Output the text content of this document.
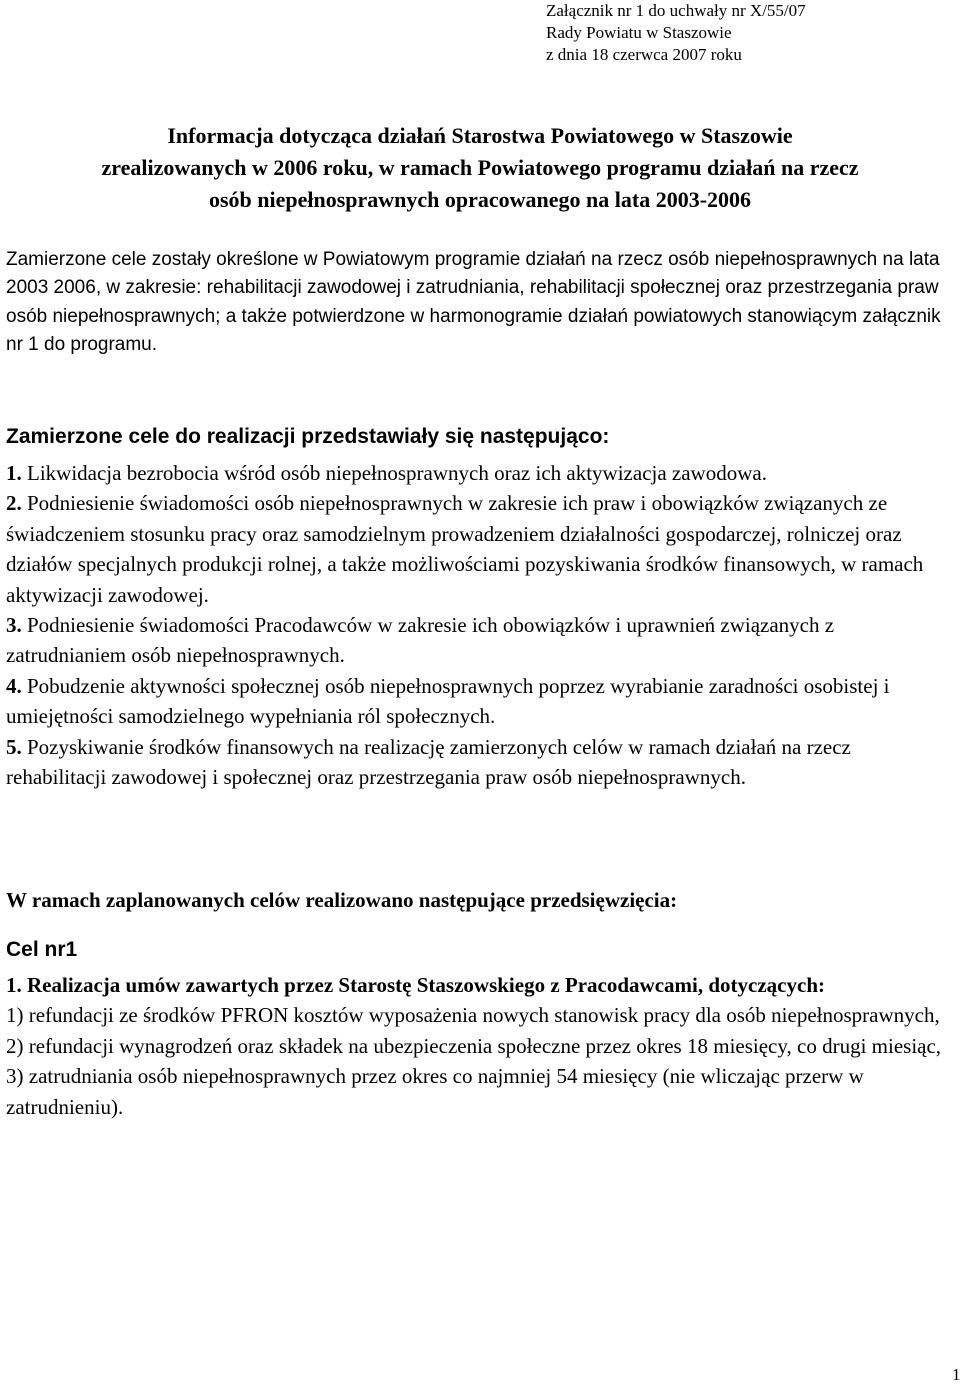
Załącznik nr 1 do uchwały nr X/55/07
Rady Powiatu w Staszowie
z dnia 18 czerwca 2007 roku
Informacja dotycząca działań Starostwa Powiatowego w Staszowie
zrealizowanych w 2006 roku, w ramach Powiatowego programu działań na rzecz
osób niepełnosprawnych opracowanego na lata 2003-2006
Zamierzone cele zostały określone w Powiatowym programie działań na rzecz osób niepełnosprawnych na lata 2003 2006, w zakresie: rehabilitacji zawodowej i zatrudniania, rehabilitacji społecznej oraz przestrzegania praw osób niepełnosprawnych; a także potwierdzone w harmonogramie działań powiatowych stanowiącym załącznik nr 1 do programu.
Zamierzone cele do realizacji przedstawiały się następująco:
1. Likwidacja bezrobocia wśród osób niepełnosprawnych oraz ich aktywizacja zawodowa.
2. Podniesienie świadomości osób niepełnosprawnych w zakresie ich praw i obowiązków związanych ze świadczeniem stosunku pracy oraz samodzielnym prowadzeniem działalności gospodarczej, rolniczej oraz działów specjalnych produkcji rolnej, a także możliwościami pozyskiwania środków finansowych, w ramach aktywizacji zawodowej.
3. Podniesienie świadomości Pracodawców w zakresie ich obowiązków i uprawnień związanych z zatrudnianiem osób niepełnosprawnych.
4. Pobudzenie aktywności społecznej osób niepełnosprawnych poprzez wyrabianie zaradności osobistej i umiejętności samodzielnego wypełniania ról społecznych.
5. Pozyskiwanie środków finansowych na realizację zamierzonych celów w ramach działań na rzecz rehabilitacji zawodowej i społecznej oraz przestrzegania praw osób niepełnosprawnych.
W ramach zaplanowanych celów realizowano następujące przedsięwzięcia:
Cel nr1
1. Realizacja umów zawartych przez Starostę Staszowskiego z Pracodawcami, dotyczących:
1) refundacji ze środków PFRON kosztów wyposażenia nowych stanowisk pracy dla osób niepełnosprawnych,
2) refundacji wynagrodzeń oraz składek na ubezpieczenia społeczne przez okres 18 miesięcy, co drugi miesiąc,
3) zatrudniania osób niepełnosprawnych przez okres co najmniej 54 miesięcy (nie wliczając przerw w zatrudnieniu).
1
